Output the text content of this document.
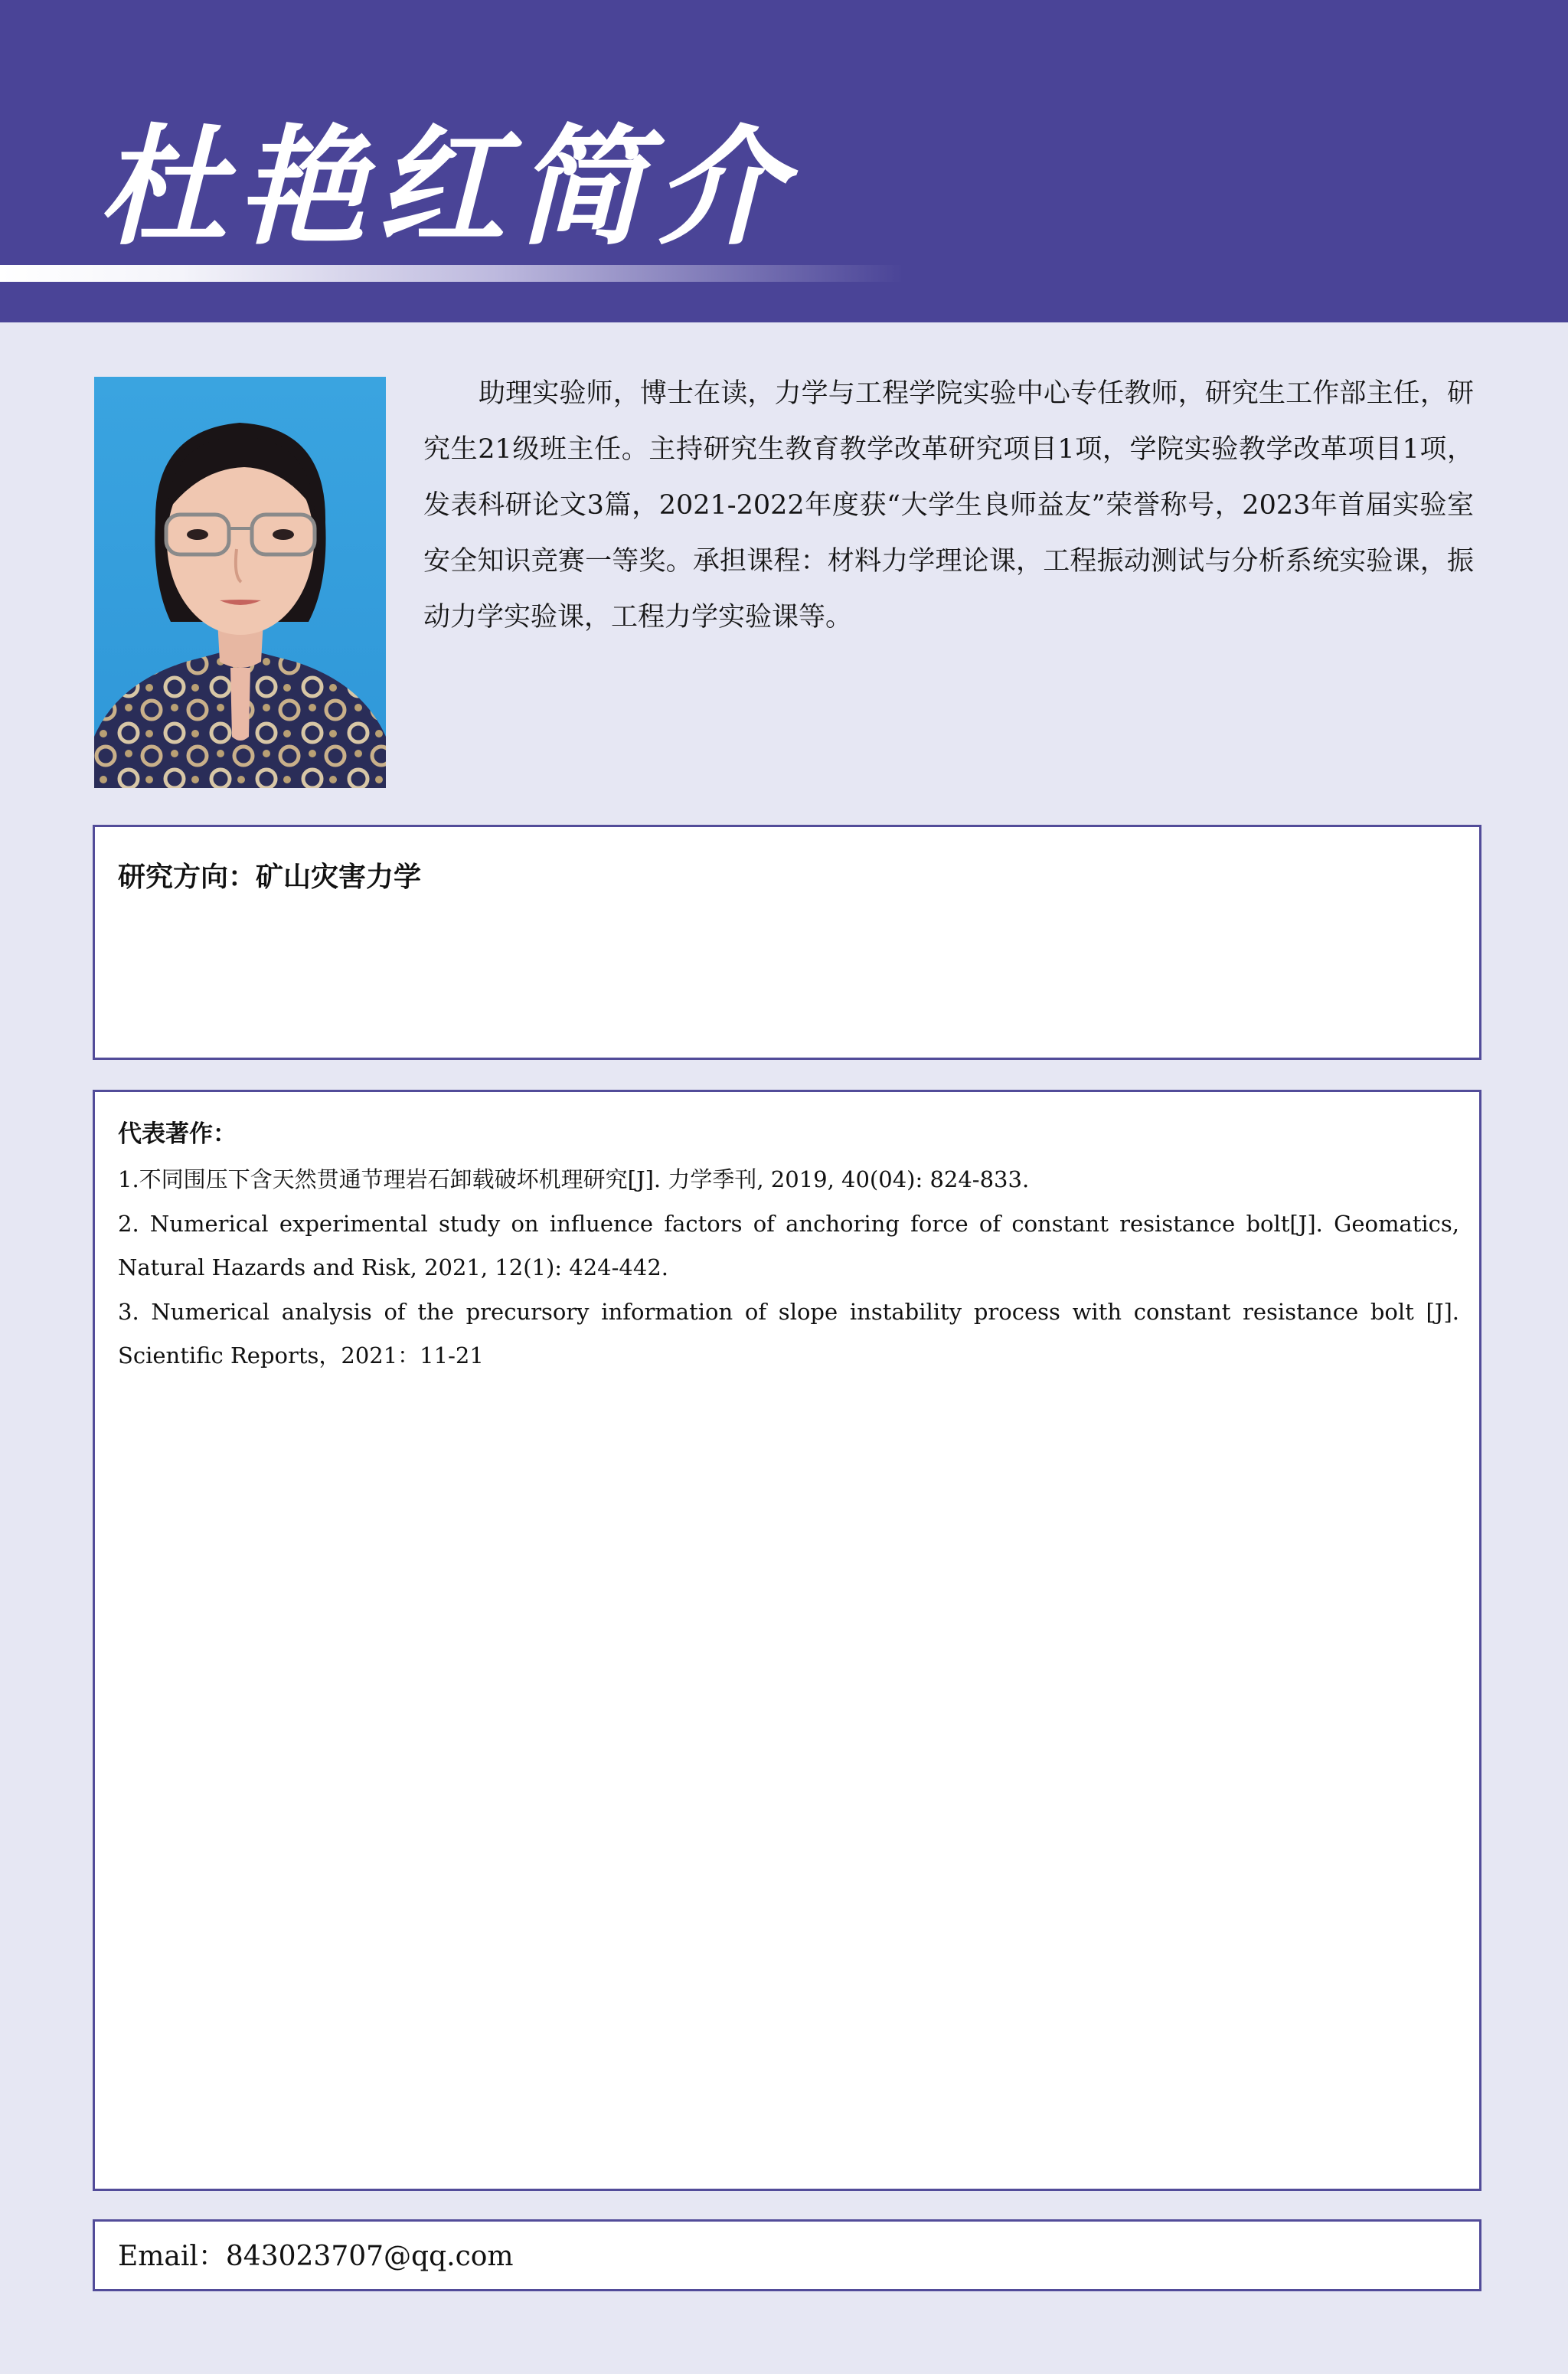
杜艳红简介
助理实验师，博士在读，力学与工程学院实验中心专任教师，研究生工作部主任，研究生21级班主任。主持研究生教育教学改革研究项目1项，学院实验教学改革项目1项，发表科研论文3篇，2021-2022年度获“大学生良师益友”荣誉称号，2023年首届实验室安全知识竞赛一等奖。承担课程：材料力学理论课，工程振动测试与分析系统实验课，振动力学实验课，工程力学实验课等。
研究方向：矿山灾害力学
代表著作：

1.不同围压下含天然贯通节理岩石卸载破坏机理研究[J]. 力学季刊, 2019, 40(04): 824-833.

2. Numerical experimental study on influence factors of anchoring force of constant resistance bolt[J]. Geomatics, Natural Hazards and Risk, 2021, 12(1): 424-442.

3. Numerical analysis of the precursory information of slope instability process with constant resistance bolt [J]. Scientific Reports，2021：11-21

Email：843023707@qq.com
